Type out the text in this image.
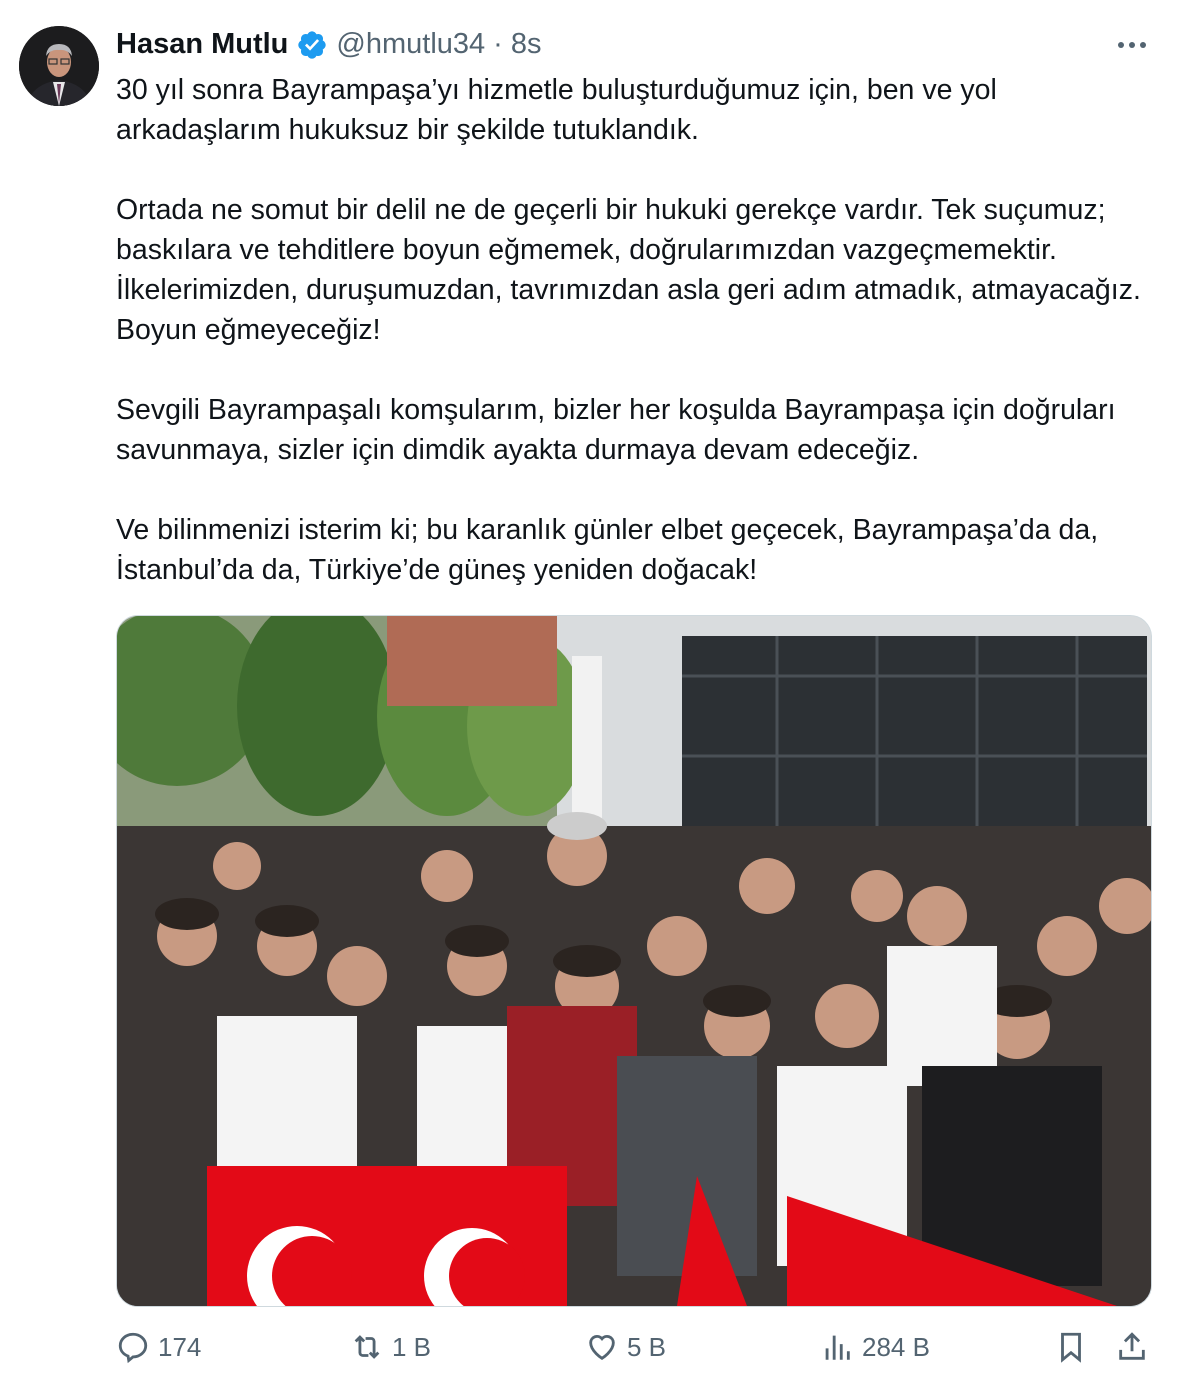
Hasan Mutlu @hmutlu34 · 8s
30 yıl sonra Bayrampaşa’yı hizmetle buluşturduğumuz için, ben ve yol arkadaşlarım hukuksuz bir şekilde tutuklandık.

Ortada ne somut bir delil ne de geçerli bir hukuki gerekçe vardır. Tek suçumuz; baskılara ve tehditlere boyun eğmemek, doğrularımızdan vazgeçmemektir. İlkelerimizden, duruşumuzdan, tavrımızdan asla geri adım atmadık, atmayacağız. Boyun eğmeyeceğiz!

Sevgili Bayrampaşalı komşularım, bizler her koşulda Bayrampaşa için doğruları savunmaya, sizler için dimdik ayakta durmaya devam edeceğiz.

Ve bilinmenizi isterim ki; bu karanlık günler elbet geçecek, Bayrampaşa’da da, İstanbul’da da, Türkiye’de güneş yeniden doğacak!
174	1 B	5 B	284 B
